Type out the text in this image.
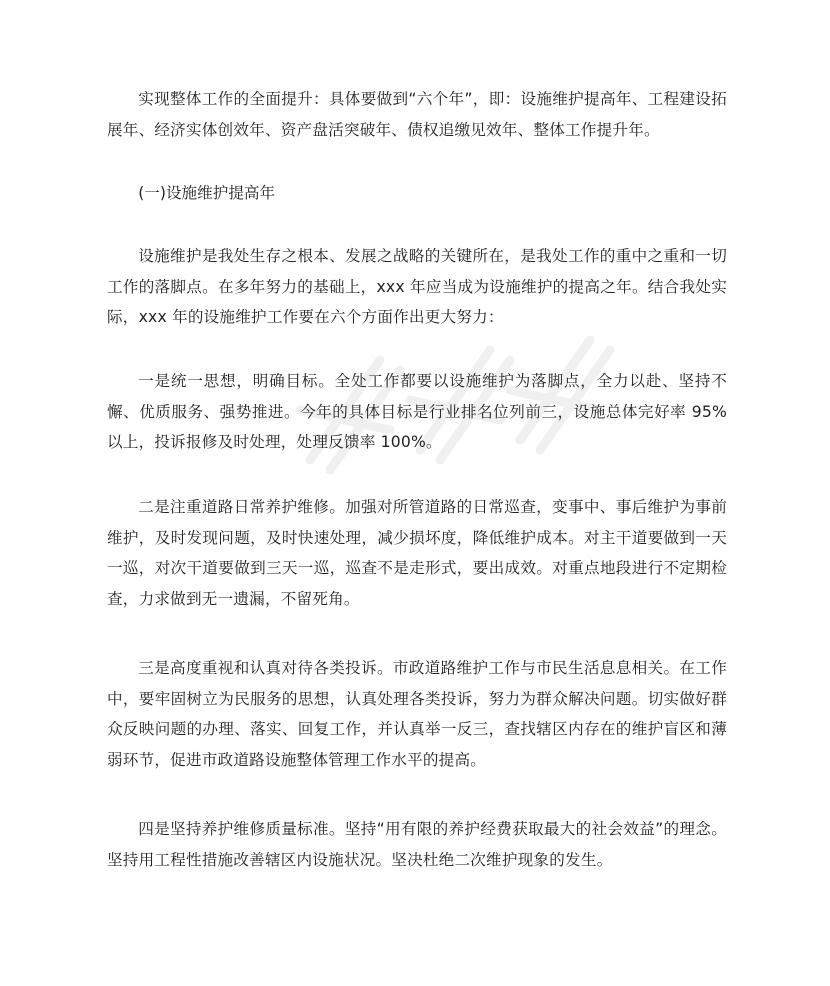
实现整体工作的全面提升：具体要做到“六个年”，即：设施维护提高年、工程建设拓展年、经济实体创效年、资产盘活突破年、债权追缴见效年、整体工作提升年。

(一)设施维护提高年

设施维护是我处生存之根本、发展之战略的关键所在，是我处工作的重中之重和一切工作的落脚点。在多年努力的基础上，xxx 年应当成为设施维护的提高之年。结合我处实际，xxx 年的设施维护工作要在六个方面作出更大努力：

一是统一思想，明确目标。全处工作都要以设施维护为落脚点，全力以赴、坚持不懈、优质服务、强势推进。今年的具体目标是行业排名位列前三，设施总体完好率 95%以上，投诉报修及时处理，处理反馈率 100%。

二是注重道路日常养护维修。加强对所管道路的日常巡查，变事中、事后维护为事前维护，及时发现问题，及时快速处理，减少损坏度，降低维护成本。对主干道要做到一天一巡，对次干道要做到三天一巡，巡查不是走形式，要出成效。对重点地段进行不定期检查，力求做到无一遗漏，不留死角。

三是高度重视和认真对待各类投诉。市政道路维护工作与市民生活息息相关。在工作中，要牢固树立为民服务的思想，认真处理各类投诉，努力为群众解决问题。切实做好群众反映问题的办理、落实、回复工作，并认真举一反三，查找辖区内存在的维护盲区和薄弱环节，促进市政道路设施整体管理工作水平的提高。

四是坚持养护维修质量标准。坚持“用有限的养护经费获取最大的社会效益”的理念。坚持用工程性措施改善辖区内设施状况。坚决杜绝二次维护现象的发生。
